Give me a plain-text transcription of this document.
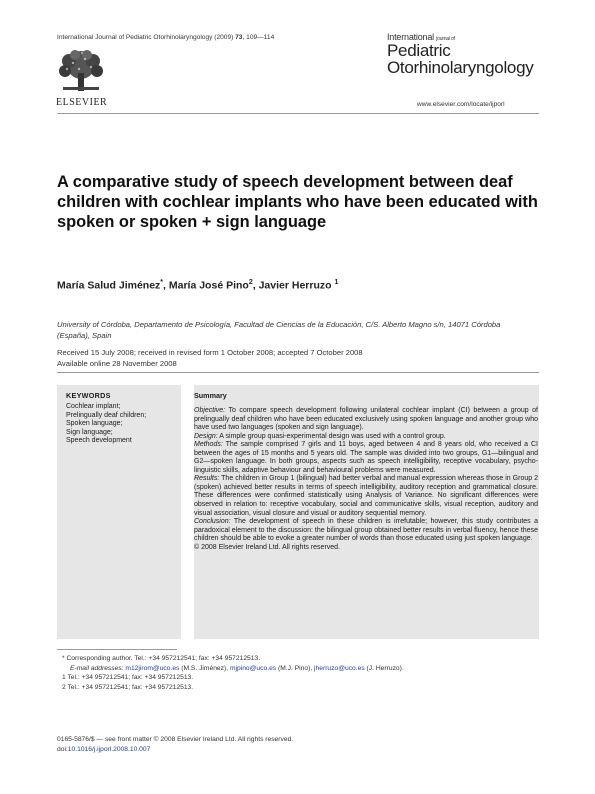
International Journal of Pediatric Otorhinolaryngology (2009) 73, 109—114
ELSEVIER
International journal of
Pediatric
Otorhinolaryngology
www.elsevier.com/locate/ijporl
A comparative study of speech development between deaf children with cochlear implants who have been educated with spoken or spoken + sign language
María Salud Jiménez*, María José Pino$^2$, Javier Herruzo $^1$
University of Córdoba, Departamento de Psicología, Facultad de Ciencias de la Educación, C/S. Alberto Magno s/n, 14071 Córdoba (España), Spain
Received 15 July 2008; received in revised form 1 October 2008; accepted 7 October 2008
Available online 28 November 2008
KEYWORDS
Cochlear implant;
Prelingually deaf children;
Spoken language;
Sign language;
Speech development
Summary

Objective: To compare speech development following unilateral cochlear implant (CI) between a group of prelingually deaf children who have been educated exclusively using spoken language and another group who have used two languages (spoken and sign language).

Design: A simple group quasi-experimental design was used with a control group.

Methods: The sample comprised 7 girls and 11 boys, aged between 4 and 8 years old, who received a CI between the ages of 15 months and 5 years old. The sample was divided into two groups, G1—bilingual and G2—spoken language. In both groups, aspects such as speech intelligibility, receptive vocabulary, psycho-linguistic skills, adaptive behaviour and behavioural problems were measured.

Results: The children in Group 1 (bilingual) had better verbal and manual expression whereas those in Group 2 (spoken) achieved better results in terms of speech intelligibility, auditory reception and grammatical closure. These differences were confirmed statistically using Analysis of Variance. No significant differences were observed in relation to: receptive vocabulary, social and communicative skills, visual reception, auditory and visual association, visual closure and visual or auditory sequential memory.

Conclusion: The development of speech in these children is irrefutable; however, this study contributes a paradoxical element to the discussion: the bilingual group obtained better results in verbal fluency, hence these children should be able to evoke a greater number of words than those educated using just spoken language.

© 2008 Elsevier Ireland Ltd. All rights reserved.

* Corresponding author. Tel.: +34 957212541; fax: +34 957212513.
E-mail addresses: m12jirom@uco.es (M.S. Jiménez), mjpino@uco.es (M.J. Pino), jherruzo@uco.es (J. Herruzo).
1 Tel.: +34 957212541; fax: +34 957212513.
2 Tel.: +34 957212541; fax: +34 957212513.
0165-5876/$ — see front matter © 2008 Elsevier Ireland Ltd. All rights reserved.
doi:10.1016/j.ijporl.2008.10.007
